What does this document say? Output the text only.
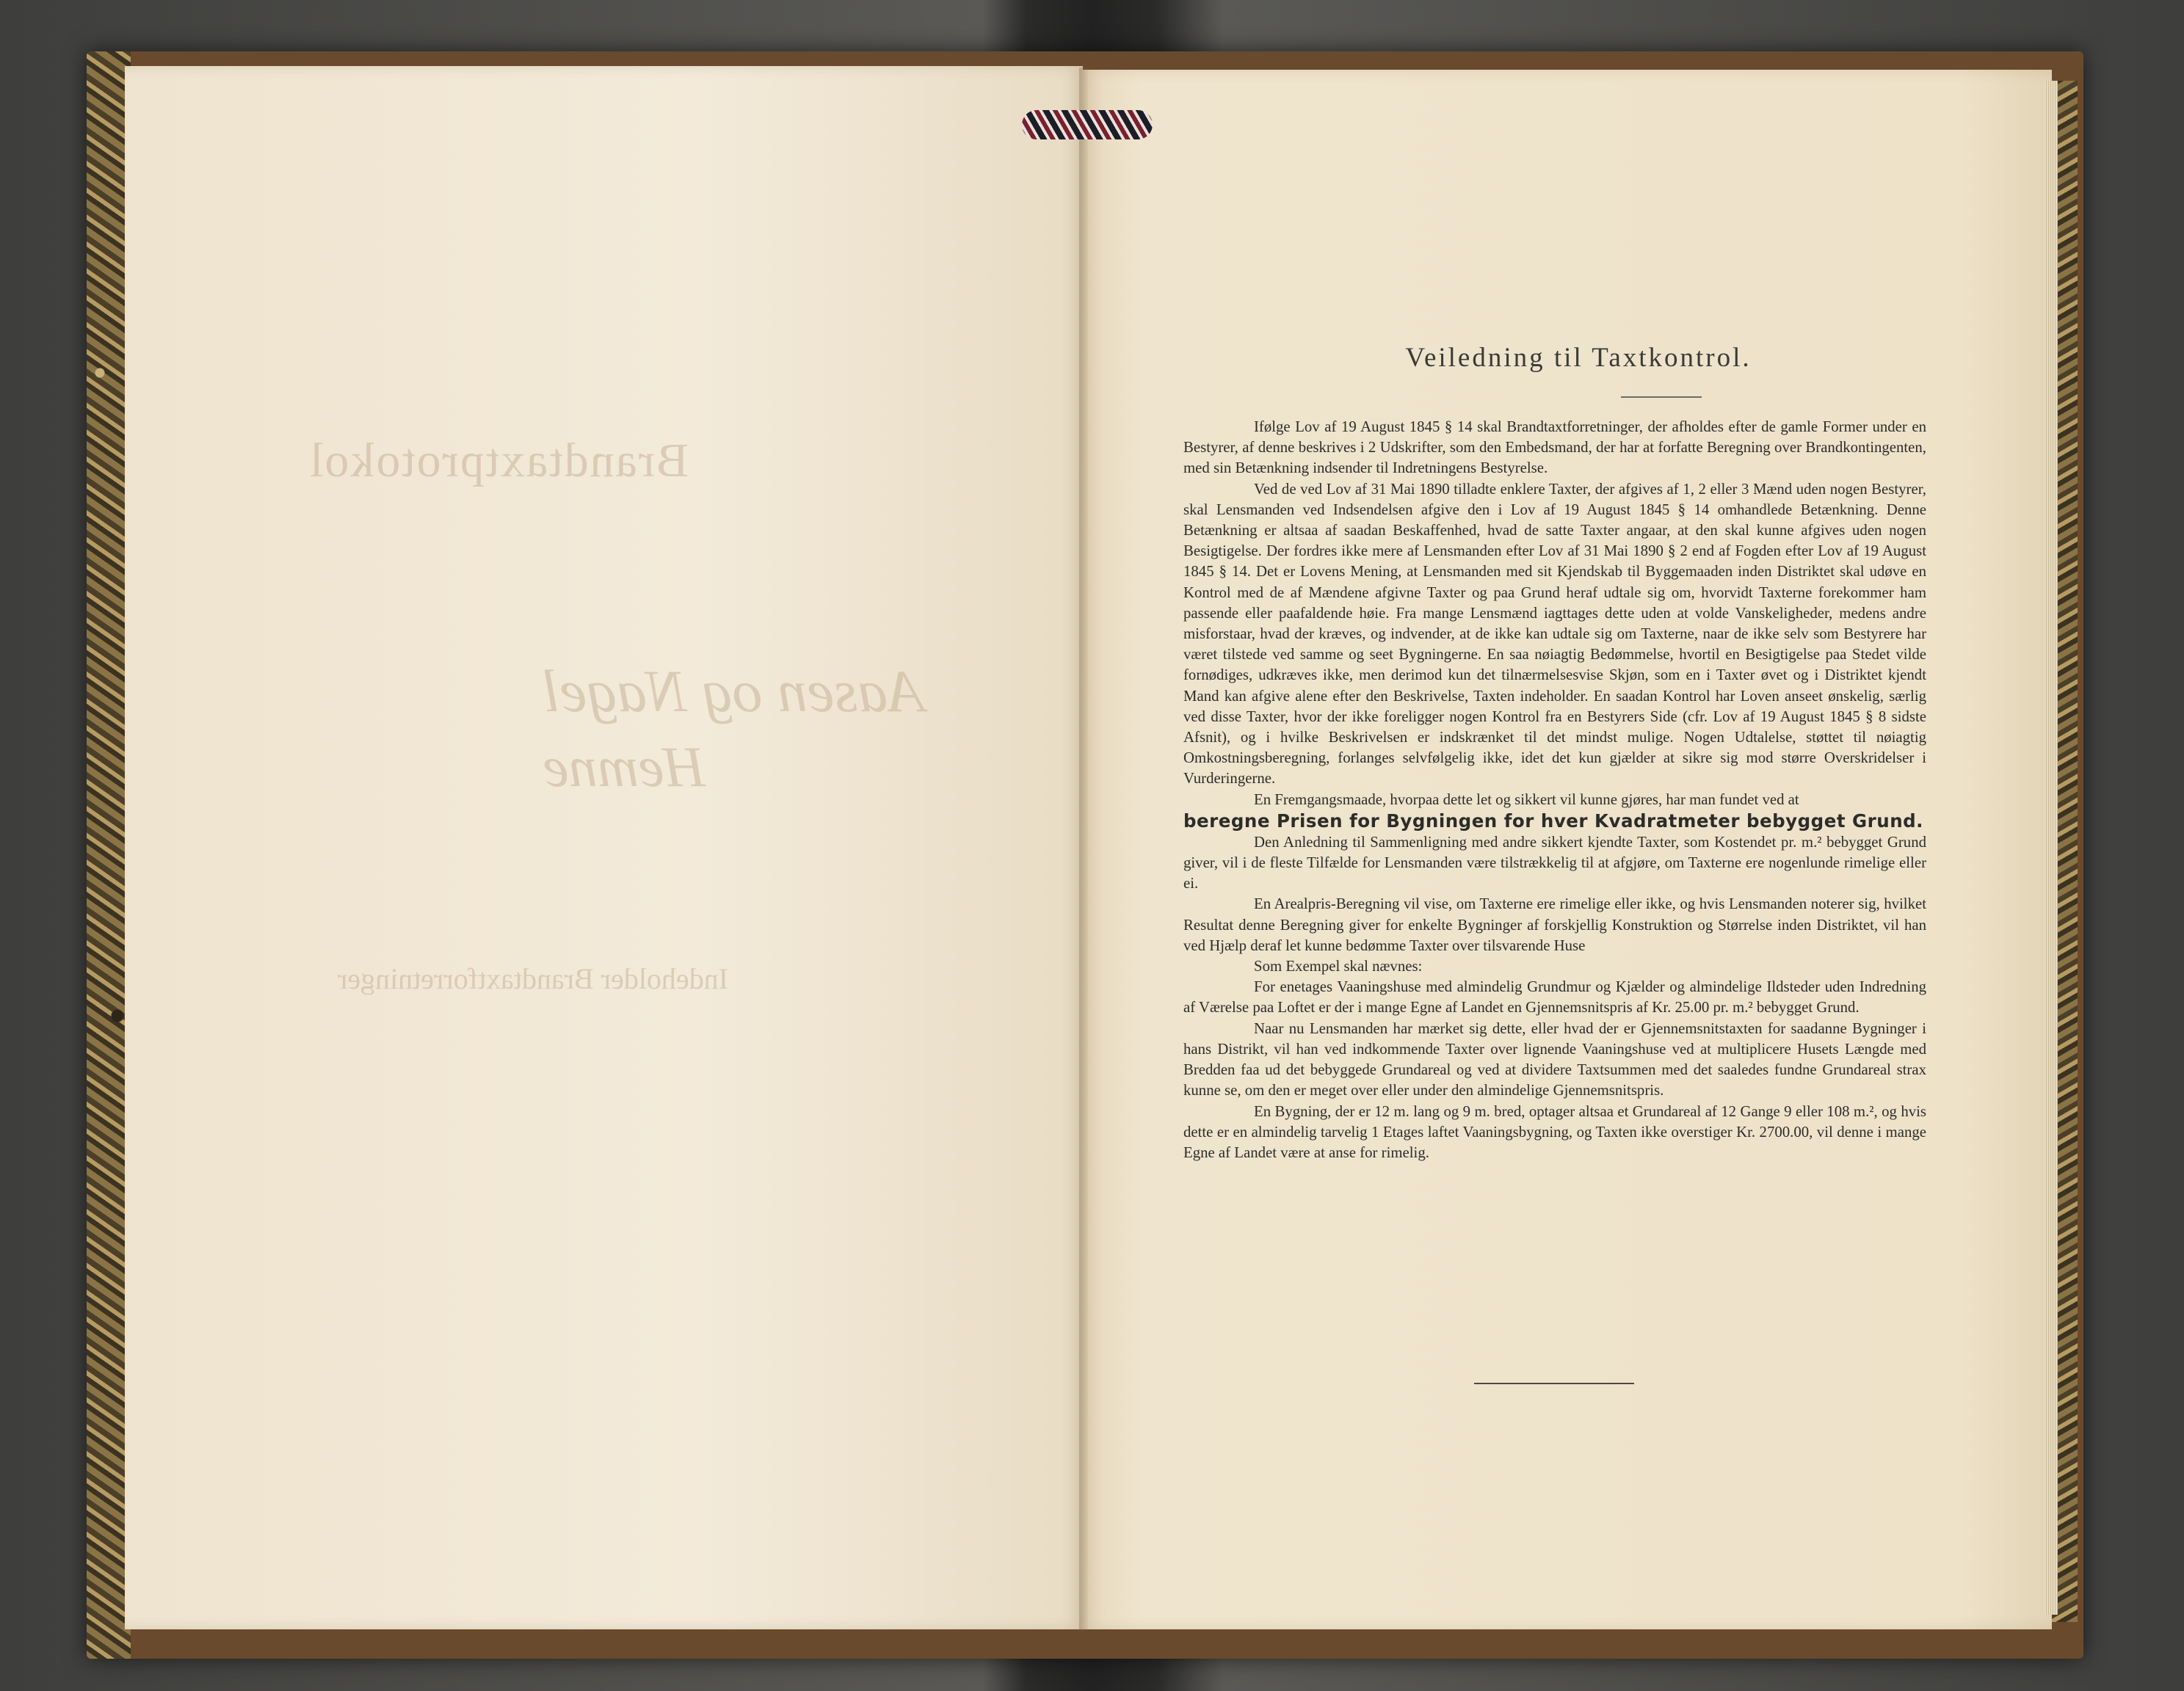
Brandtaxtprotokol
Aasen og Nagel
Hemne
Indeholder Brandtaxtforretninger
Veiledning til Taxtkontrol.

Ifølge Lov af 19 August 1845 § 14 skal Brandtaxtforretninger, der afholdes efter de gamle Former under en Bestyrer, af denne beskrives i 2 Udskrifter, som den Embedsmand, der har at forfatte Beregning over Brandkontingenten, med sin Betænkning indsender til Indretningens Bestyrelse.

Ved de ved Lov af 31 Mai 1890 tilladte enklere Taxter, der afgives af 1, 2 eller 3 Mænd uden nogen Bestyrer, skal Lensmanden ved Indsendelsen afgive den i Lov af 19 August 1845 § 14 omhandlede Betænkning. Denne Betænkning er altsaa af saadan Beskaffenhed, hvad de satte Taxter angaar, at den skal kunne afgives uden nogen Besigtigelse. Der fordres ikke mere af Lensmanden efter Lov af 31 Mai 1890 § 2 end af Fogden efter Lov af 19 August 1845 § 14. Det er Lovens Mening, at Lensmanden med sit Kjendskab til Byggemaaden inden Distriktet skal udøve en Kontrol med de af Mændene afgivne Taxter og paa Grund heraf udtale sig om, hvorvidt Taxterne forekommer ham passende eller paafaldende høie. Fra mange Lensmænd iagttages dette uden at volde Vanskeligheder, medens andre misforstaar, hvad der kræves, og indvender, at de ikke kan udtale sig om Taxterne, naar de ikke selv som Bestyrere har været tilstede ved samme og seet Bygningerne. En saa nøiagtig Bedømmelse, hvortil en Besigtigelse paa Stedet vilde fornødiges, udkræves ikke, men derimod kun det tilnærmelsesvise Skjøn, som en i Taxter øvet og i Distriktet kjendt Mand kan afgive alene efter den Beskrivelse, Taxten indeholder. En saadan Kontrol har Loven anseet ønskelig, særlig ved disse Taxter, hvor der ikke foreligger nogen Kontrol fra en Bestyrers Side (cfr. Lov af 19 August 1845 § 8 sidste Afsnit), og i hvilke Beskrivelsen er indskrænket til det mindst mulige. Nogen Udtalelse, støttet til nøiagtig Omkostningsberegning, forlanges selvfølgelig ikke, idet det kun gjælder at sikre sig mod større Overskridelser i Vurderingerne.

En Fremgangsmaade, hvorpaa dette let og sikkert vil kunne gjøres, har man fundet ved at

beregne Prisen for Bygningen for hver Kvadratmeter bebygget Grund.

Den Anledning til Sammenligning med andre sikkert kjendte Taxter, som Kostendet pr. m.² bebygget Grund giver, vil i de fleste Tilfælde for Lensmanden være tilstrækkelig til at afgjøre, om Taxterne ere nogenlunde rimelige eller ei.

En Arealpris-Beregning vil vise, om Taxterne ere rimelige eller ikke, og hvis Lensmanden noterer sig, hvilket Resultat denne Beregning giver for enkelte Bygninger af forskjellig Konstruktion og Størrelse inden Distriktet, vil han ved Hjælp deraf let kunne bedømme Taxter over tilsvarende Huse

Som Exempel skal nævnes:

For enetages Vaaningshuse med almindelig Grundmur og Kjælder og almindelige Ildsteder uden Indredning af Værelse paa Loftet er der i mange Egne af Landet en Gjennemsnitspris af Kr. 25.00 pr. m.² bebygget Grund.

Naar nu Lensmanden har mærket sig dette, eller hvad der er Gjennemsnitstaxten for saadanne Bygninger i hans Distrikt, vil han ved indkommende Taxter over lignende Vaaningshuse ved at multiplicere Husets Længde med Bredden faa ud det bebyggede Grundareal og ved at dividere Taxtsummen med det saaledes fundne Grundareal strax kunne se, om den er meget over eller under den almindelige Gjennemsnitspris.

En Bygning, der er 12 m. lang og 9 m. bred, optager altsaa et Grundareal af 12 Gange 9 eller 108 m.², og hvis dette er en almindelig tarvelig 1 Etages laftet Vaaningsbygning, og Taxten ikke overstiger Kr. 2700.00, vil denne i mange Egne af Landet være at anse for rimelig.
